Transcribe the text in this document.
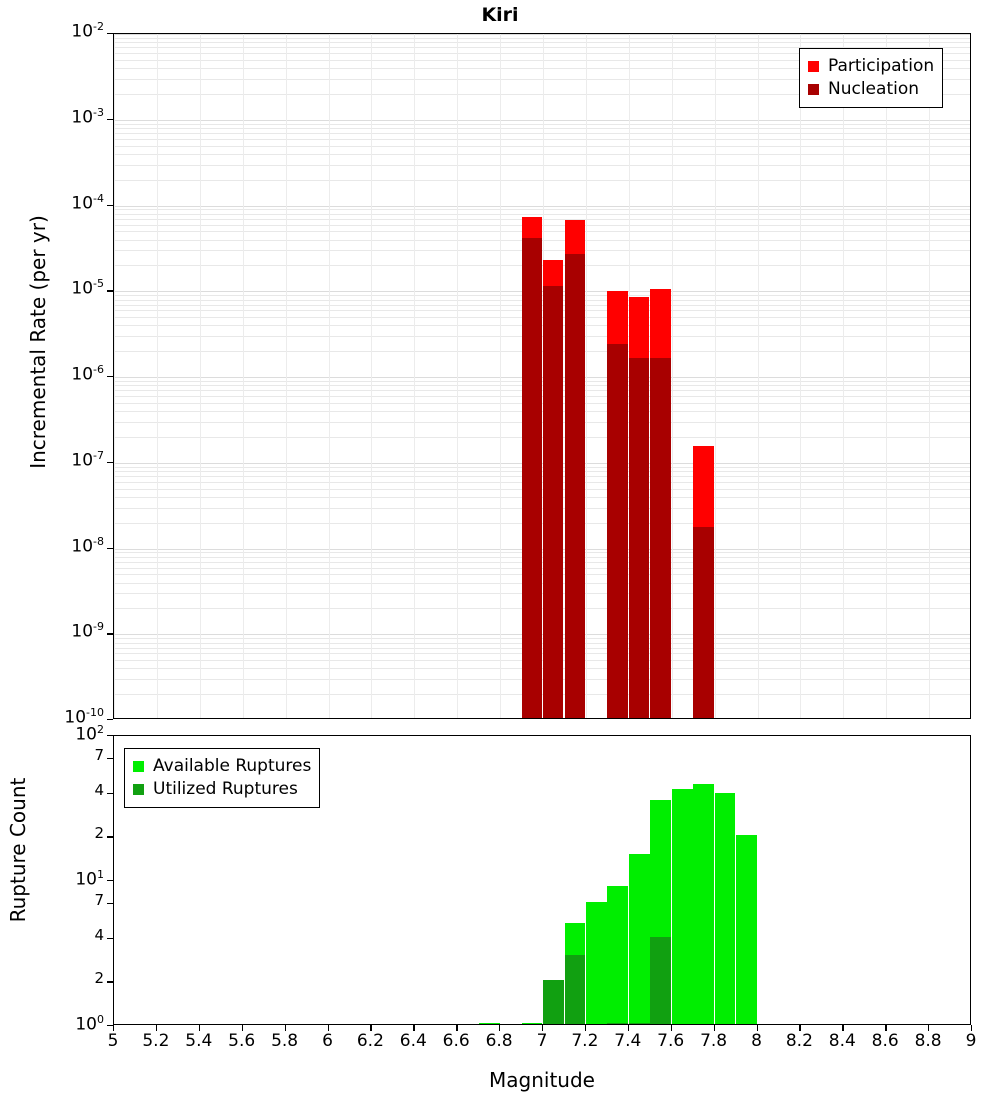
Kiri
$10^{-10}$
$10^{-9}$
$10^{-8}$
$10^{-7}$
$10^{-6}$
$10^{-5}$
$10^{-4}$
$10^{-3}$
$10^{-2}$
Incremental Rate (per yr)
Participation
Nucleation
$10^0$
2
4
7
$10^1$
2
4
7
$10^2$
Rupture Count
Available Ruptures
Utilized Ruptures
5	5.2 5.4 5.6 5.8	6	6.2 6.4 6.6 6.8	7	7.2 7.4 7.6 7.8	8	8.2 8.4 8.6 8.8	9
Magnitude
